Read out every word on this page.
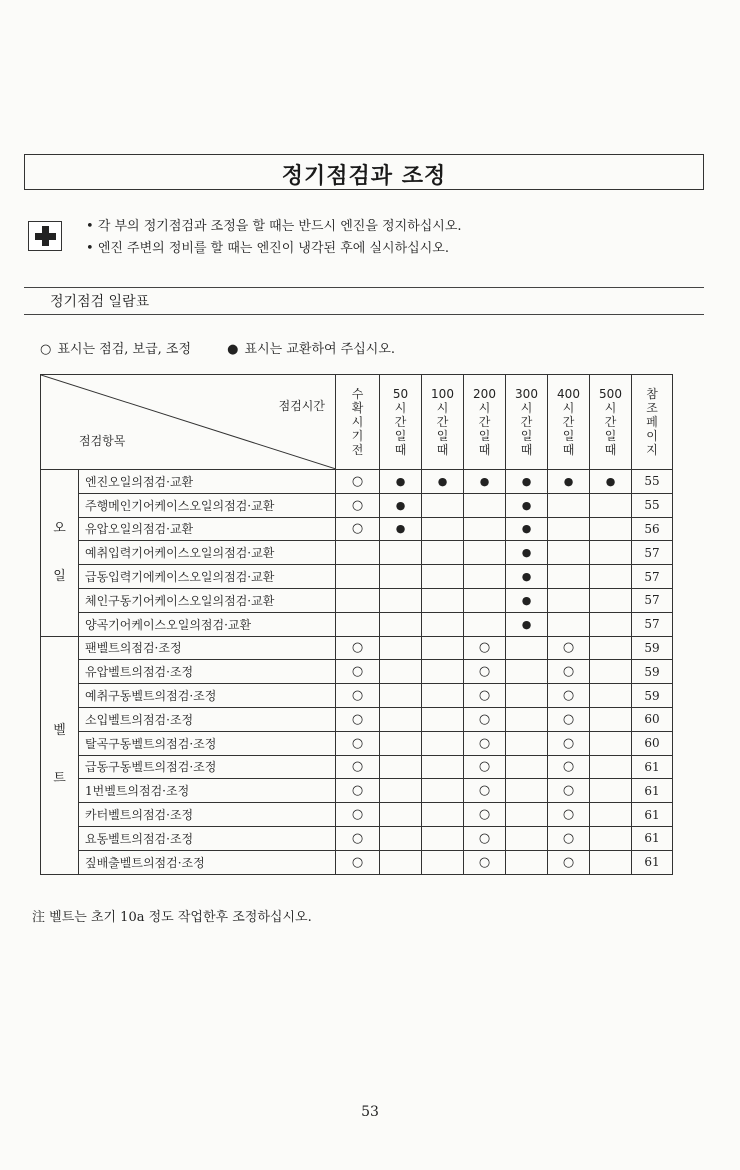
정기점검과 조정
• 각 부의 정기점검과 조정을 할 때는 반드시 엔진을 정지하십시오.
• 엔진 주변의 정비를 할 때는 엔진이 냉각된 후에 실시하십시오.
정기점검 일람표
○ 표시는 점검, 보급, 조정	● 표시는 교환하여 주십시오.
점검시간
점검항목		수
확
시
기
전	50
시
간
일
때	100
시
간
일
때	200
시
간
일
때	300
시
간
일
때	400
시
간
일
때	500
시
간
일
때	참
조
페
이
지
오
일	엔진오일의점검·교환	○	●	●	●	●	●	●	55
	주행메인기어케이스오일의점검·교환	○	●			●			55
	유압오일의점검·교환	○	●			●			56
	예취입력기어케이스오일의점검·교환					●			57
	급동입력기에케이스오일의점검·교환					●			57
	체인구동기어케이스오일의점검·교환					●			57
	양곡기어케이스오일의점검·교환					●			57
벨
트	팬벨트의점검·조정	○			○		○		59
	유압벨트의점검·조정	○			○		○		59
	예취구동벨트의점검·조정	○			○		○		59
	소입벨트의점검·조정	○			○		○		60
	탈곡구동벨트의점검·조정	○			○		○		60
	급동구동벨트의점검·조정	○			○		○		61
	1번벨트의점검·조정	○			○		○		61
	카터벨트의점검·조정	○			○		○		61
	요동벨트의점검·조정	○			○		○		61
	짚배출벨트의점검·조정	○			○		○		61
注 벨트는 초기 10a 정도 작업한후 조정하십시오.
53
